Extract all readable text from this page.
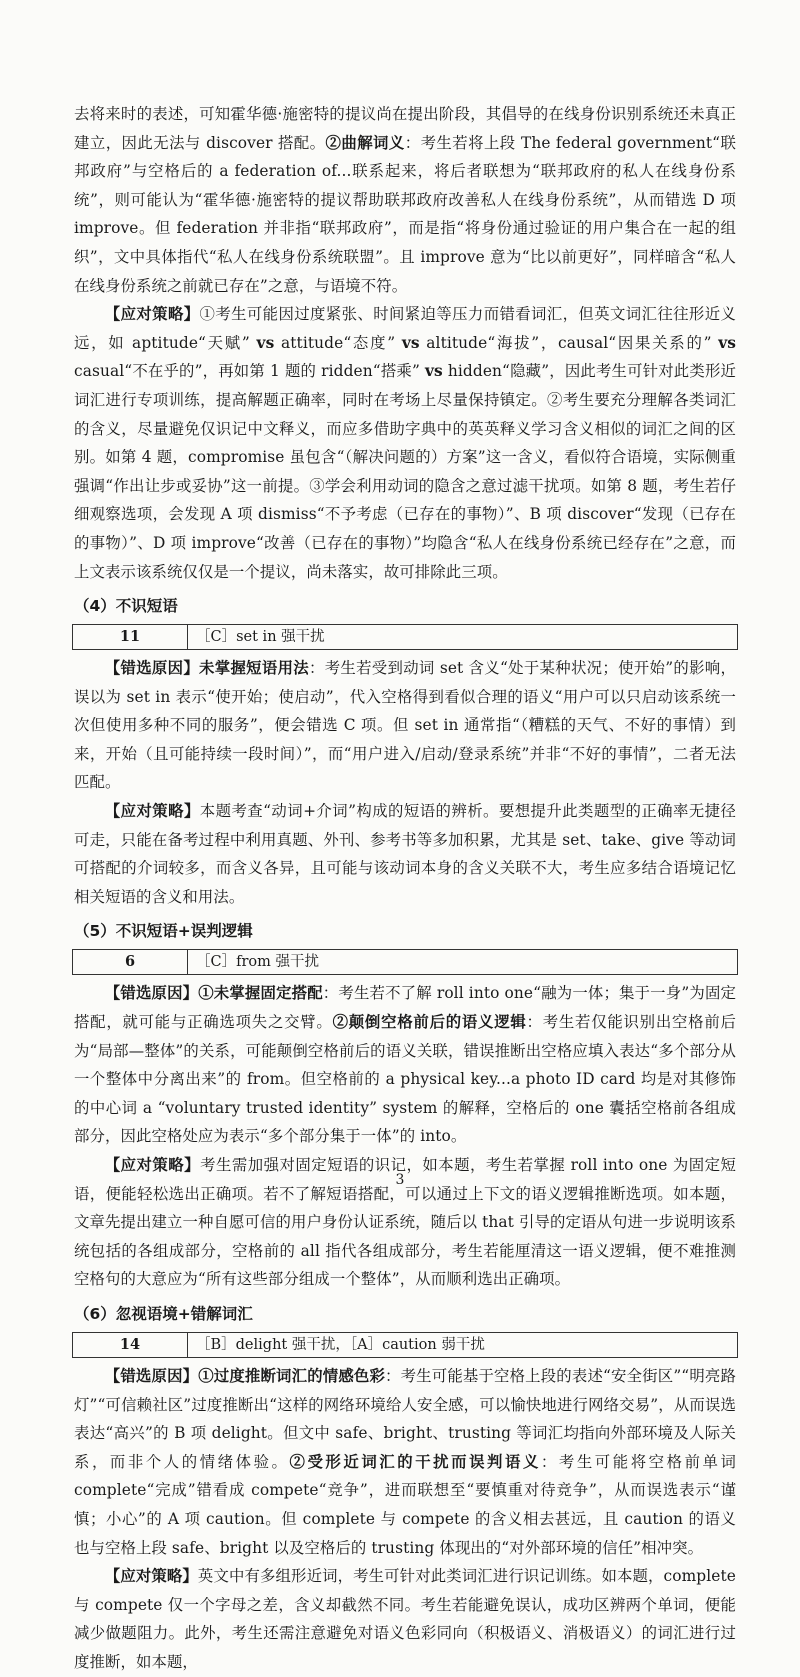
去将来时的表述，可知霍华德·施密特的提议尚在提出阶段，其倡导的在线身份识别系统还未真正建立，因此无法与 discover 搭配。②曲解词义：考生若将上段 The federal government“联邦政府”与空格后的 a federation of...联系起来，将后者联想为“联邦政府的私人在线身份系统”，则可能认为“霍华德·施密特的提议帮助联邦政府改善私人在线身份系统”，从而错选 D 项 improve。但 federation 并非指“联邦政府”，而是指“将身份通过验证的用户集合在一起的组织”，文中具体指代“私人在线身份系统联盟”。且 improve 意为“比以前更好”，同样暗含“私人在线身份系统之前就已存在”之意，与语境不符。

【应对策略】①考生可能因过度紧张、时间紧迫等压力而错看词汇，但英文词汇往往形近义远，如 aptitude“天赋” vs attitude“态度” vs altitude“海拔”，causal“因果关系的” vs casual“不在乎的”，再如第 1 题的 ridden“搭乘” vs hidden“隐藏”，因此考生可针对此类形近词汇进行专项训练，提高解题正确率，同时在考场上尽量保持镇定。②考生要充分理解各类词汇的含义，尽量避免仅识记中文释义，而应多借助字典中的英英释义学习含义相似的词汇之间的区别。如第 4 题，compromise 虽包含“（解决问题的）方案”这一含义，看似符合语境，实际侧重强调“作出让步或妥协”这一前提。③学会利用动词的隐含之意过滤干扰项。如第 8 题，考生若仔细观察选项，会发现 A 项 dismiss“不予考虑（已存在的事物）”、B 项 discover“发现（已存在的事物）”、D 项 improve“改善（已存在的事物）”均隐含“私人在线身份系统已经存在”之意，而上文表示该系统仅仅是一个提议，尚未落实，故可排除此三项。

（4）不识短语
11	［C］set in 强干扰

【错选原因】未掌握短语用法：考生若受到动词 set 含义“处于某种状况；使开始”的影响，误以为 set in 表示“使开始；使启动”，代入空格得到看似合理的语义“用户可以只启动该系统一次但使用多种不同的服务”，便会错选 C 项。但 set in 通常指“（糟糕的天气、不好的事情）到来，开始（且可能持续一段时间）”，而“用户进入/启动/登录系统”并非“不好的事情”，二者无法匹配。

【应对策略】本题考查“动词+介词”构成的短语的辨析。要想提升此类题型的正确率无捷径可走，只能在备考过程中利用真题、外刊、参考书等多加积累，尤其是 set、take、give 等动词可搭配的介词较多，而含义各异，且可能与该动词本身的含义关联不大，考生应多结合语境记忆相关短语的含义和用法。

（5）不识短语+误判逻辑
6	［C］from 强干扰

【错选原因】①未掌握固定搭配：考生若不了解 roll into one“融为一体；集于一身”为固定搭配，就可能与正确选项失之交臂。②颠倒空格前后的语义逻辑：考生若仅能识别出空格前后为“局部—整体”的关系，可能颠倒空格前后的语义关联，错误推断出空格应填入表达“多个部分从一个整体中分离出来”的 from。但空格前的 a physical key...a photo ID card 均是对其修饰的中心词 a “voluntary trusted identity” system 的解释，空格后的 one 囊括空格前各组成部分，因此空格处应为表示“多个部分集于一体”的 into。

【应对策略】考生需加强对固定短语的识记，如本题，考生若掌握 roll into one 为固定短语，便能轻松选出正确项。若不了解短语搭配，可以通过上下文的语义逻辑推断选项。如本题，文章先提出建立一种自愿可信的用户身份认证系统，随后以 that 引导的定语从句进一步说明该系统包括的各组成部分，空格前的 all 指代各组成部分，考生若能厘清这一语义逻辑，便不难推测空格句的大意应为“所有这些部分组成一个整体”，从而顺利选出正确项。

（6）忽视语境+错解词汇
14	［B］delight 强干扰，［A］caution 弱干扰

【错选原因】①过度推断词汇的情感色彩：考生可能基于空格上段的表述“安全街区”“明亮路灯”“可信赖社区”过度推断出“这样的网络环境给人安全感，可以愉快地进行网络交易”，从而误选表达“高兴”的 B 项 delight。但文中 safe、bright、trusting 等词汇均指向外部环境及人际关系，而非个人的情绪体验。②受形近词汇的干扰而误判语义：考生可能将空格前单词 complete“完成”错看成 compete“竞争”，进而联想至“要慎重对待竞争”，从而误选表示“谨慎；小心”的 A 项 caution。但 complete 与 compete 的含义相去甚远，且 caution 的语义也与空格上段 safe、bright 以及空格后的 trusting 体现出的“对外部环境的信任”相冲突。

【应对策略】英文中有多组形近词，考生可针对此类词汇进行识记训练。如本题，complete 与 compete 仅一个字母之差，含义却截然不同。考生若能避免误认，成功区辨两个单词，便能减少做题阻力。此外，考生还需注意避免对语义色彩同向（积极语义、消极语义）的词汇进行过度推断，如本题，

3
